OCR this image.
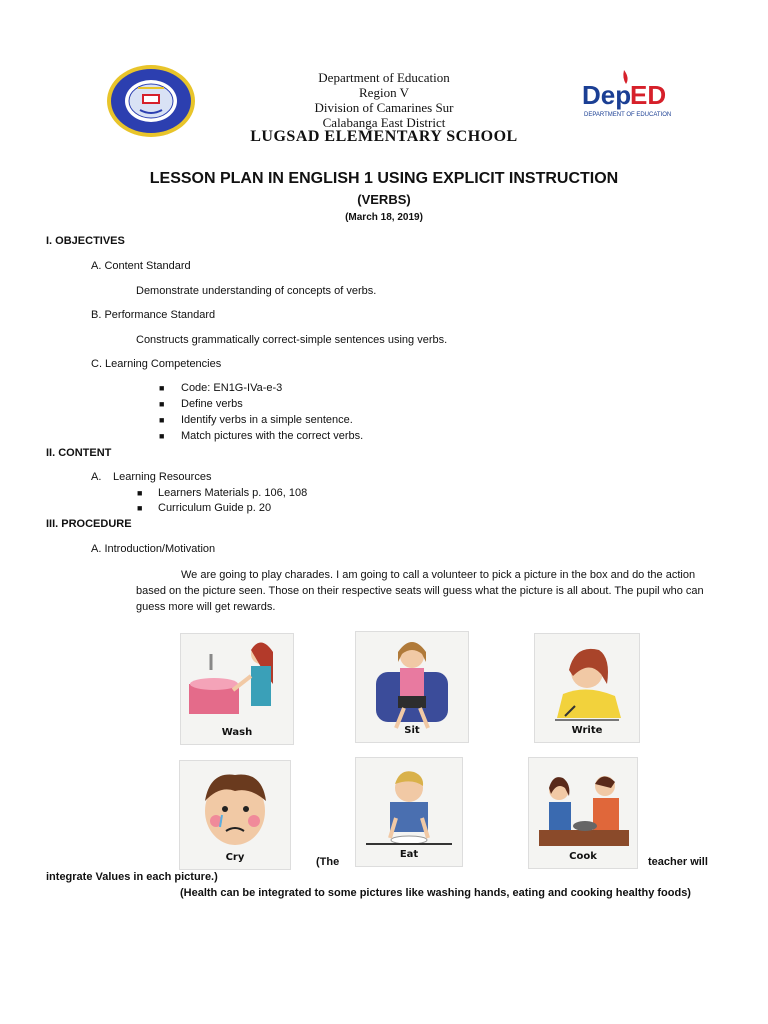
Dep
ED
DEPARTMENT OF EDUCATION
Department of Education
Region V
Division of Camarines Sur
Calabanga East District
LUGSAD ELEMENTARY SCHOOL
LESSON PLAN IN ENGLISH 1 USING EXPLICIT INSTRUCTION
(VERBS)
(March 18, 2019)
I. OBJECTIVES
A. Content Standard
Demonstrate understanding of concepts of verbs.
B. Performance Standard
Constructs grammatically correct-simple sentences using verbs.
C. Learning Competencies
■ Code: EN1G-IVa-e-3
■ Define verbs
■ Identify verbs in a simple sentence.
■ Match pictures with the correct verbs.
II. CONTENT
A. Learning Resources
■ Learners Materials p. 106, 108
■ Curriculum Guide p. 20
III. PROCEDURE
A. Introduction/Motivation
We are going to play charades. I am going to call a volunteer to pick a picture in the box and do the action based on the picture seen. Those on their respective seats will guess what the picture is all about. The pupil who can guess more will get rewards.
Wash	Sit	Write
Cry	Eat	Cook
(The	teacher will
integrate Values in each picture.)
(Health can be integrated to some pictures like washing hands, eating and cooking healthy foods)
